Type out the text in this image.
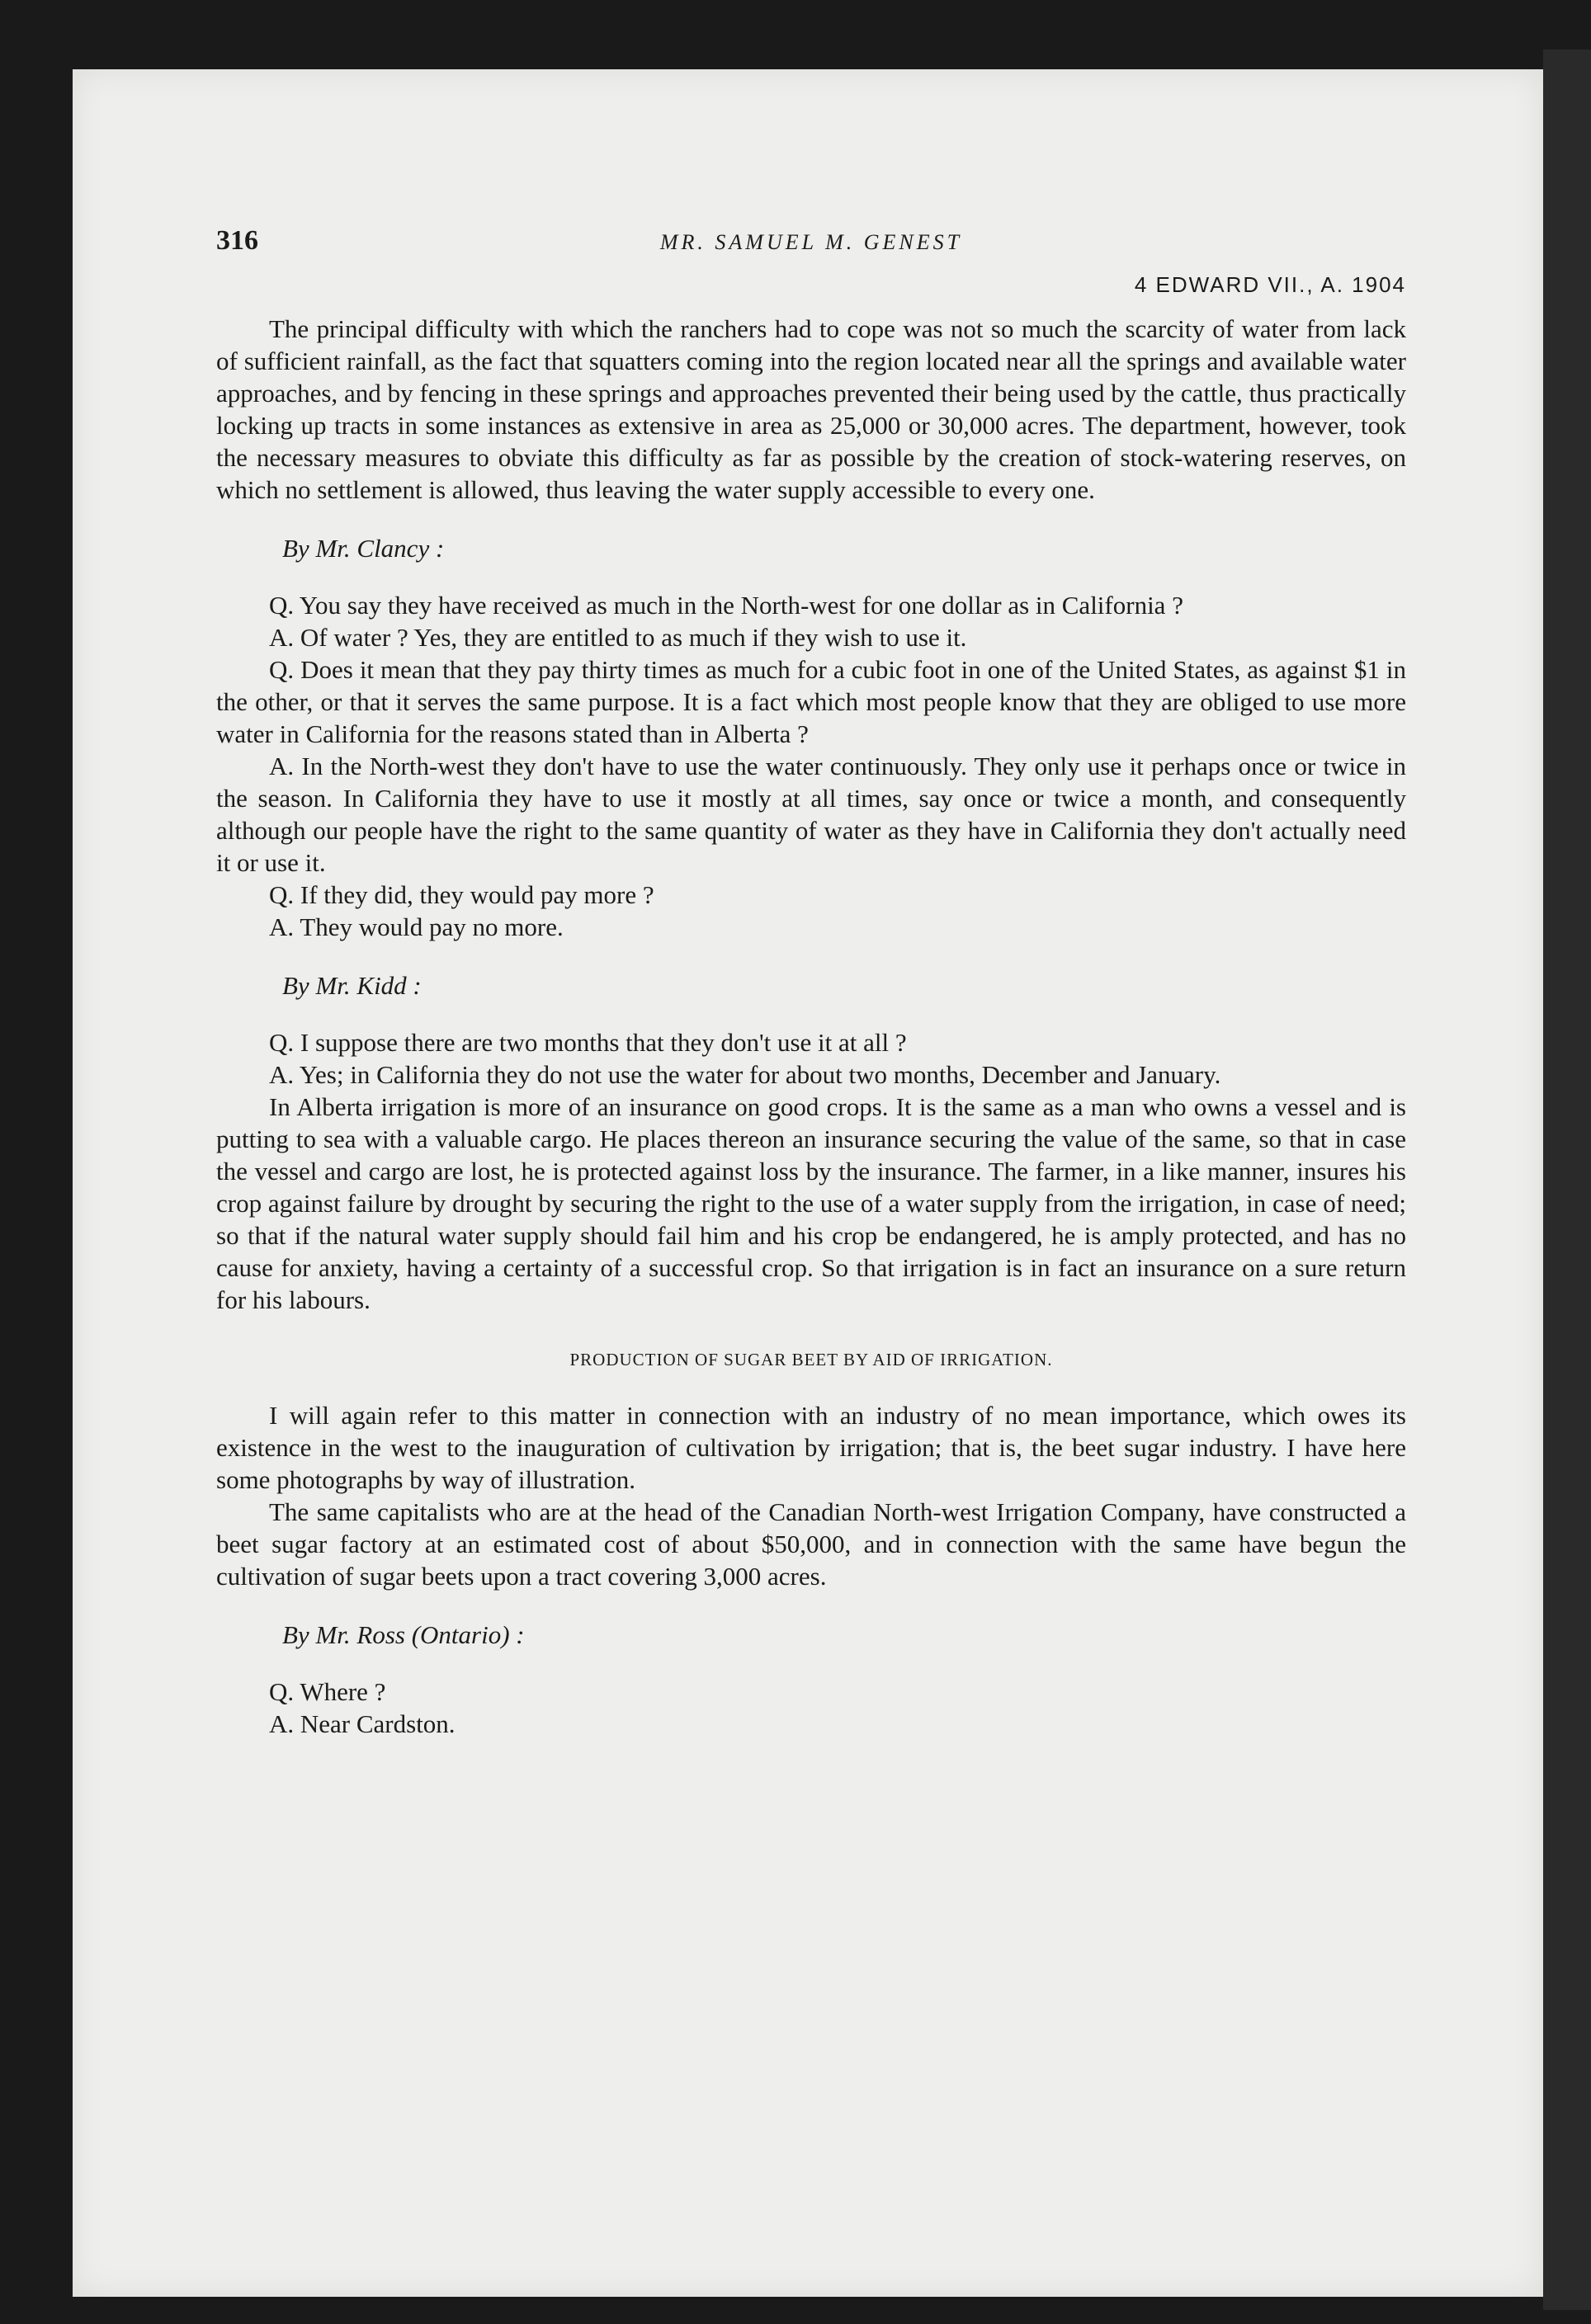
316	MR. SAMUEL M. GENEST
4 EDWARD VII., A. 1904

The principal difficulty with which the ranchers had to cope was not so much the scarcity of water from lack of sufficient rainfall, as the fact that squatters coming into the region located near all the springs and available water approaches, and by fencing in these springs and approaches prevented their being used by the cattle, thus practically locking up tracts in some instances as extensive in area as 25,000 or 30,000 acres. The department, however, took the necessary measures to obviate this difficulty as far as possible by the creation of stock-watering reserves, on which no settlement is allowed, thus leaving the water supply accessible to every one.

By Mr. Clancy :

Q. You say they have received as much in the North-west for one dollar as in California ?

A. Of water ? Yes, they are entitled to as much if they wish to use it.

Q. Does it mean that they pay thirty times as much for a cubic foot in one of the United States, as against $1 in the other, or that it serves the same purpose. It is a fact which most people know that they are obliged to use more water in California for the reasons stated than in Alberta ?

A. In the North-west they don't have to use the water continuously. They only use it perhaps once or twice in the season. In California they have to use it mostly at all times, say once or twice a month, and consequently although our people have the right to the same quantity of water as they have in California they don't actually need it or use it.

Q. If they did, they would pay more ?

A. They would pay no more.

By Mr. Kidd :

Q. I suppose there are two months that they don't use it at all ?

A. Yes; in California they do not use the water for about two months, December and January.

In Alberta irrigation is more of an insurance on good crops. It is the same as a man who owns a vessel and is putting to sea with a valuable cargo. He places thereon an insurance securing the value of the same, so that in case the vessel and cargo are lost, he is protected against loss by the insurance. The farmer, in a like manner, insures his crop against failure by drought by securing the right to the use of a water supply from the irrigation, in case of need; so that if the natural water supply should fail him and his crop be endangered, he is amply protected, and has no cause for anxiety, having a certainty of a successful crop. So that irrigation is in fact an insurance on a sure return for his labours.

PRODUCTION OF SUGAR BEET BY AID OF IRRIGATION.

I will again refer to this matter in connection with an industry of no mean importance, which owes its existence in the west to the inauguration of cultivation by irrigation; that is, the beet sugar industry. I have here some photographs by way of illustration.

The same capitalists who are at the head of the Canadian North-west Irrigation Company, have constructed a beet sugar factory at an estimated cost of about $50,000, and in connection with the same have begun the cultivation of sugar beets upon a tract covering 3,000 acres.

By Mr. Ross (Ontario) :

Q. Where ?

A. Near Cardston.
